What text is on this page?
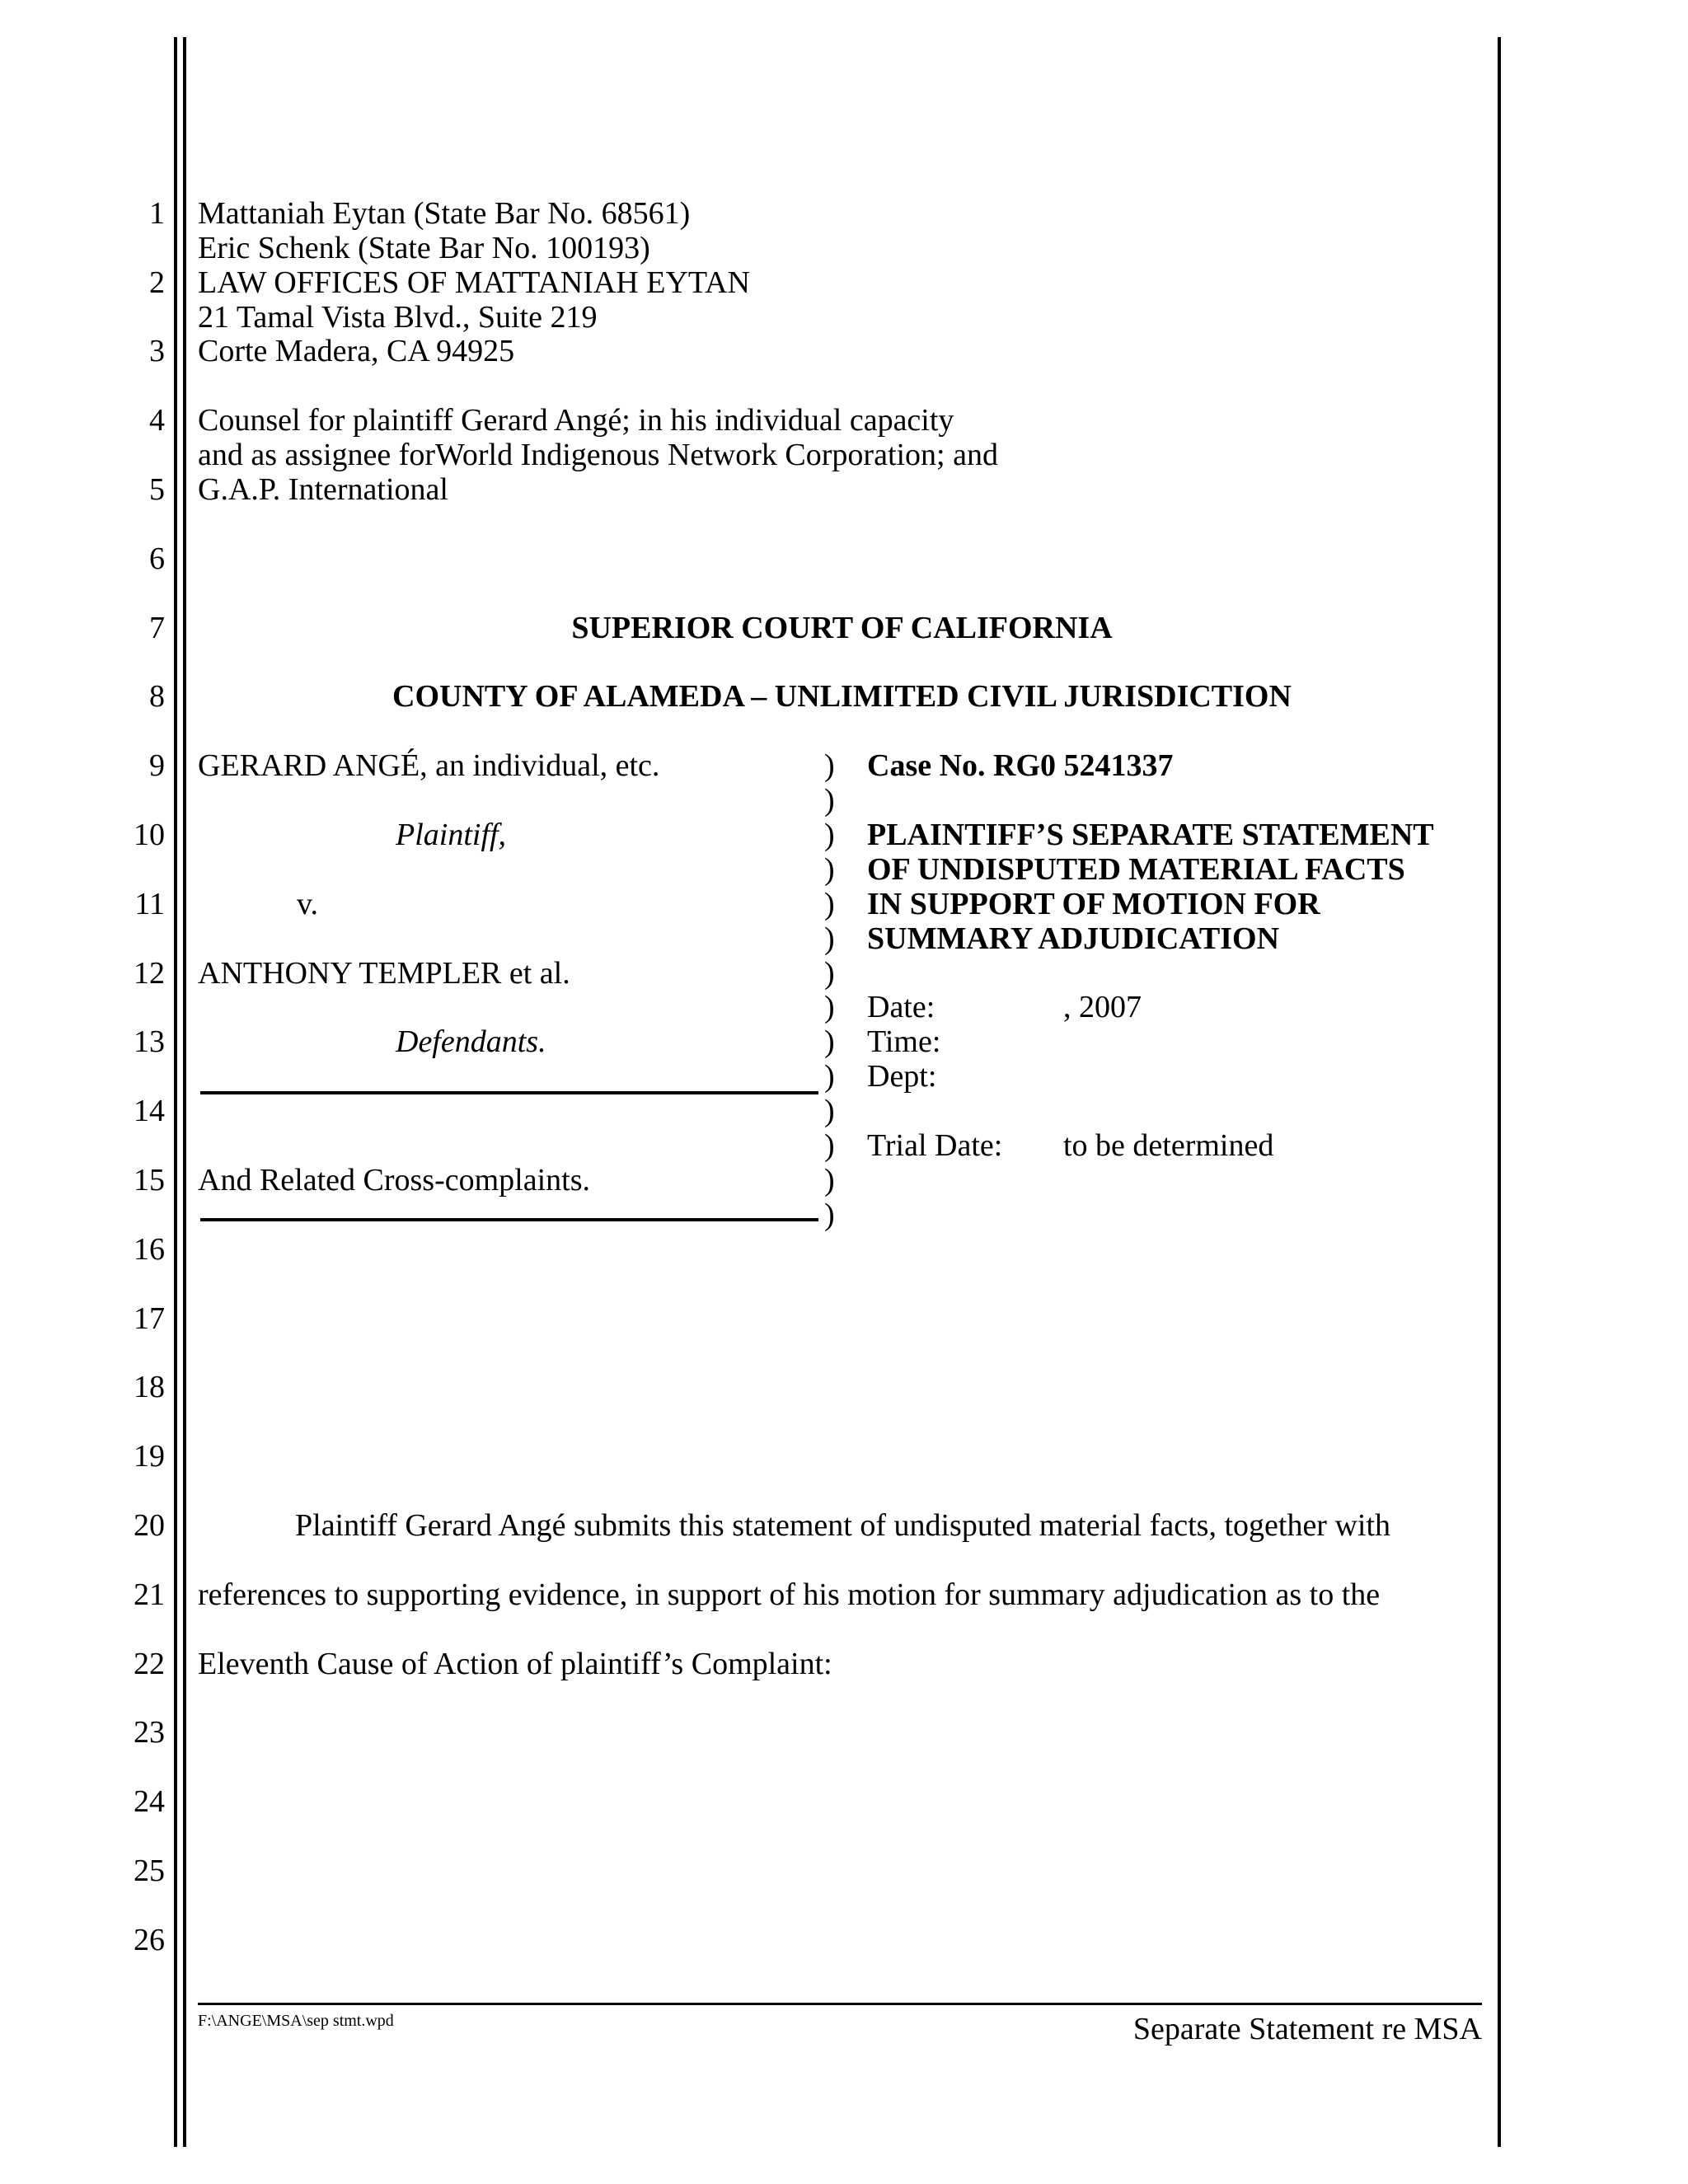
1
2
3
4
5
6
7
8
9
10
11
12
13
14
15
16
17
18
19
20
21
22
23
24
25
26
Mattaniah Eytan (State Bar No. 68561)
Eric Schenk (State Bar No. 100193)
LAW OFFICES OF MATTANIAH EYTAN
21 Tamal Vista Blvd., Suite 219
Corte Madera, CA 94925
Counsel for plaintiff Gerard Angé; in his individual capacity
and as assignee forWorld Indigenous Network Corporation; and
G.A.P. International
SUPERIOR COURT OF CALIFORNIA
COUNTY OF ALAMEDA – UNLIMITED CIVIL JURISDICTION
GERARD ANGÉ, an individual, etc.
Plaintiff,
v.
ANTHONY TEMPLER et al.
Defendants.
And Related Cross-complaints.
)
)
)
)
)
)
)
)
)
)
)
)
)
)
Case No. RG0 5241337
PLAINTIFF’S SEPARATE STATEMENT
OF UNDISPUTED MATERIAL FACTS
IN SUPPORT OF MOTION FOR
SUMMARY ADJUDICATION
Date:	, 2007
Time:
Dept:
Trial Date: to be determined
Plaintiff Gerard Angé submits this statement of undisputed material facts, together with
references to supporting evidence, in support of his motion for summary adjudication as to the
Eleventh Cause of Action of plaintiff’s Complaint:
F:\ANGE\MSA\sep stmt.wpd	Separate Statement re MSA
